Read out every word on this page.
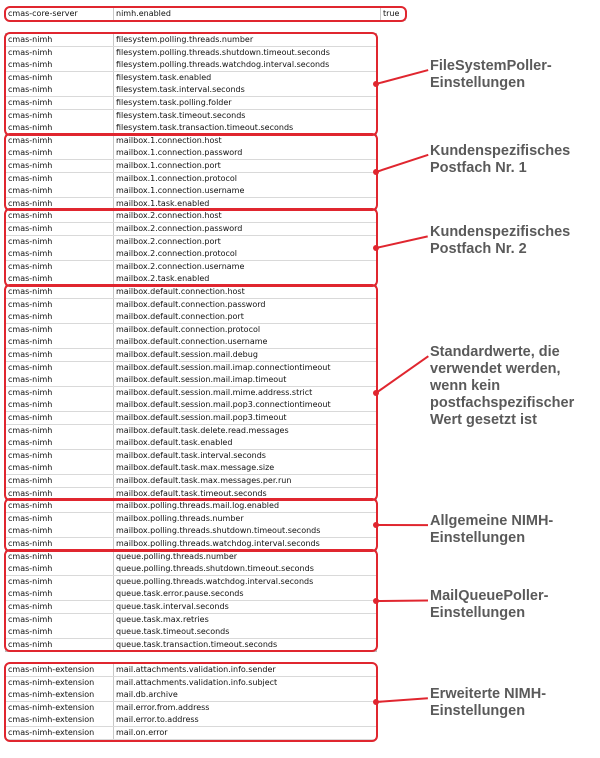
cmas-core-server	nimh.enabled	true
cmas-nimh	filesystem.polling.threads.number
cmas-nimh	filesystem.polling.threads.shutdown.timeout.seconds
cmas-nimh	filesystem.polling.threads.watchdog.interval.seconds
cmas-nimh	filesystem.task.enabled
cmas-nimh	filesystem.task.interval.seconds
cmas-nimh	filesystem.task.polling.folder
cmas-nimh	filesystem.task.timeout.seconds
cmas-nimh	filesystem.task.transaction.timeout.seconds
cmas-nimh	mailbox.1.connection.host
cmas-nimh	mailbox.1.connection.password
cmas-nimh	mailbox.1.connection.port
cmas-nimh	mailbox.1.connection.protocol
cmas-nimh	mailbox.1.connection.username
cmas-nimh	mailbox.1.task.enabled
cmas-nimh	mailbox.2.connection.host
cmas-nimh	mailbox.2.connection.password
cmas-nimh	mailbox.2.connection.port
cmas-nimh	mailbox.2.connection.protocol
cmas-nimh	mailbox.2.connection.username
cmas-nimh	mailbox.2.task.enabled
cmas-nimh	mailbox.default.connection.host
cmas-nimh	mailbox.default.connection.password
cmas-nimh	mailbox.default.connection.port
cmas-nimh	mailbox.default.connection.protocol
cmas-nimh	mailbox.default.connection.username
cmas-nimh	mailbox.default.session.mail.debug
cmas-nimh	mailbox.default.session.mail.imap.connectiontimeout
cmas-nimh	mailbox.default.session.mail.imap.timeout
cmas-nimh	mailbox.default.session.mail.mime.address.strict
cmas-nimh	mailbox.default.session.mail.pop3.connectiontimeout
cmas-nimh	mailbox.default.session.mail.pop3.timeout
cmas-nimh	mailbox.default.task.delete.read.messages
cmas-nimh	mailbox.default.task.enabled
cmas-nimh	mailbox.default.task.interval.seconds
cmas-nimh	mailbox.default.task.max.message.size
cmas-nimh	mailbox.default.task.max.messages.per.run
cmas-nimh	mailbox.default.task.timeout.seconds
cmas-nimh	mailbox.polling.threads.mail.log.enabled
cmas-nimh	mailbox.polling.threads.number
cmas-nimh	mailbox.polling.threads.shutdown.timeout.seconds
cmas-nimh	mailbox.polling.threads.watchdog.interval.seconds
cmas-nimh	queue.polling.threads.number
cmas-nimh	queue.polling.threads.shutdown.timeout.seconds
cmas-nimh	queue.polling.threads.watchdog.interval.seconds
cmas-nimh	queue.task.error.pause.seconds
cmas-nimh	queue.task.interval.seconds
cmas-nimh	queue.task.max.retries
cmas-nimh	queue.task.timeout.seconds
cmas-nimh	queue.task.transaction.timeout.seconds
cmas-nimh-extension	mail.attachments.validation.info.sender
cmas-nimh-extension	mail.attachments.validation.info.subject
cmas-nimh-extension	mail.db.archive
cmas-nimh-extension	mail.error.from.address
cmas-nimh-extension	mail.error.to.address
cmas-nimh-extension	mail.on.error
FileSystemPoller-
Einstellungen
Kundenspezifisches
Postfach Nr. 1
Kundenspezifisches
Postfach Nr. 2
Standardwerte, die
verwendet werden,
wenn kein
postfachspezifischer
Wert gesetzt ist
Allgemeine NIMH-
Einstellungen
MailQueuePoller-
Einstellungen
Erweiterte NIMH-
Einstellungen
